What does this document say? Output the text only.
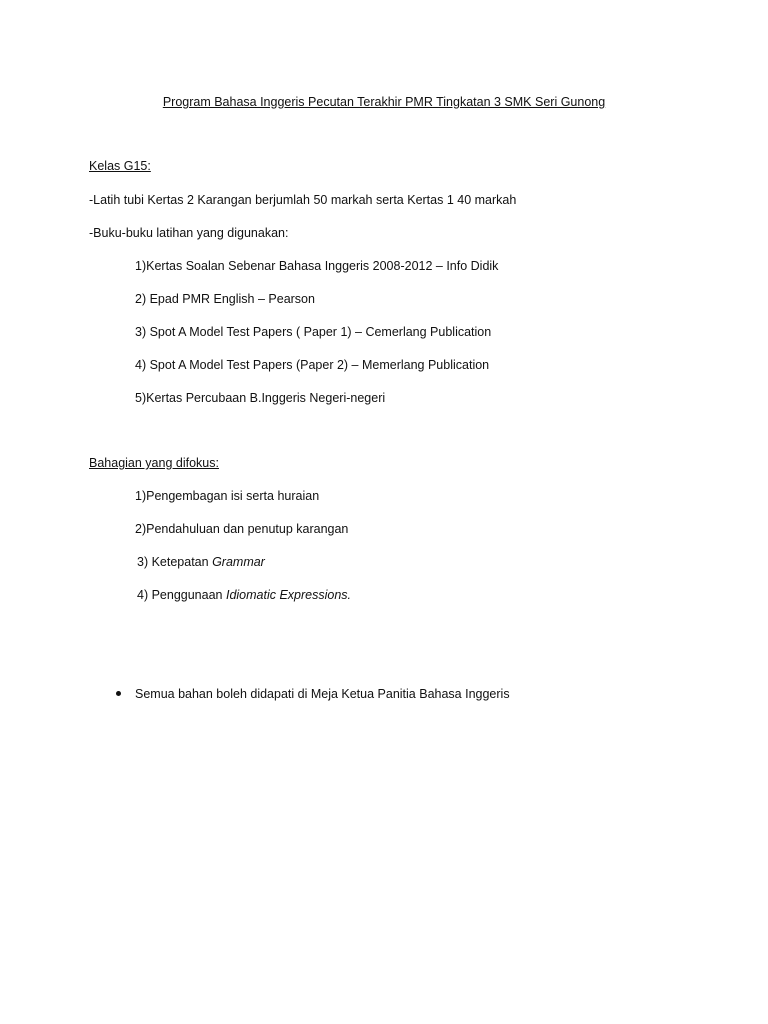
Program Bahasa Inggeris Pecutan Terakhir PMR Tingkatan 3 SMK Seri Gunong
Kelas G15:
-Latih tubi Kertas 2 Karangan berjumlah 50 markah serta Kertas 1 40 markah
-Buku-buku latihan yang digunakan:
1)Kertas Soalan Sebenar Bahasa Inggeris 2008-2012 – Info Didik
2) Epad PMR English – Pearson
3) Spot A Model Test Papers ( Paper 1) – Cemerlang Publication
4) Spot A Model Test Papers (Paper 2) – Memerlang Publication
5)Kertas Percubaan B.Inggeris Negeri-negeri
Bahagian yang difokus:
1)Pengembagan isi serta huraian
2)Pendahuluan dan penutup karangan
3) Ketepatan Grammar
4) Penggunaan Idiomatic Expressions.
Semua bahan boleh didapati di Meja Ketua Panitia Bahasa Inggeris
